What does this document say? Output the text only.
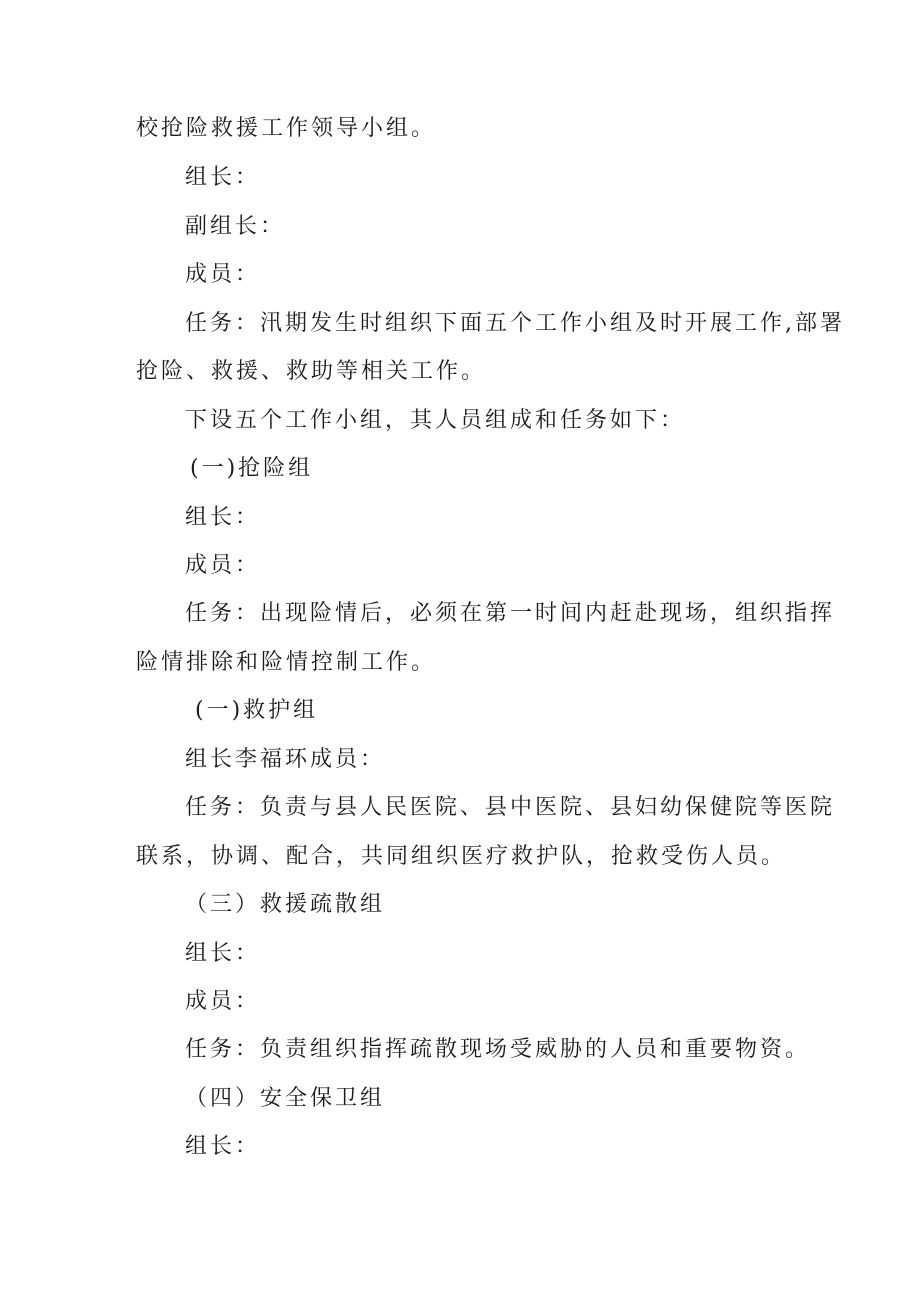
校抢险救援工作领导小组。
组长：
副组长：
成员：
任务：汛期发生时组织下面五个工作小组及时开展工作,部署
抢险、救援、救助等相关工作。
下设五个工作小组，其人员组成和任务如下：
(一)抢险组
组长：
成员：
任务：出现险情后，必须在第一时间内赶赴现场，组织指挥
险情排除和险情控制工作。
(一)救护组
组长李福环成员：
任务：负责与县人民医院、县中医院、县妇幼保健院等医院
联系，协调、配合，共同组织医疗救护队，抢救受伤人员。
（三）救援疏散组
组长：
成员：
任务：负责组织指挥疏散现场受威胁的人员和重要物资。
（四）安全保卫组
组长：
